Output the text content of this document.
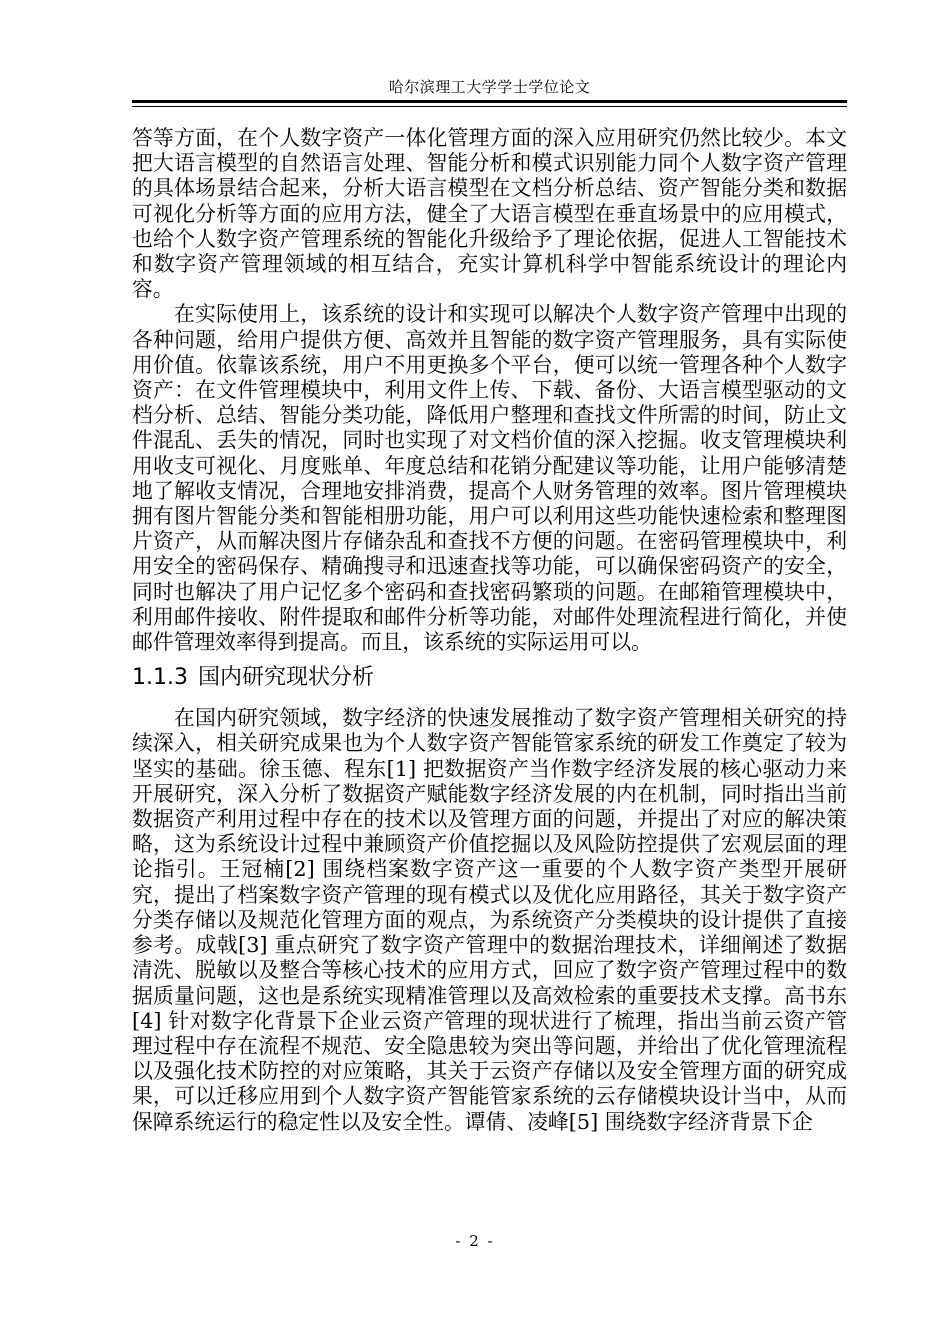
哈尔滨理工大学学士学位论文

答等方面，在个人数字资产一体化管理方面的深入应用研究仍然比较少。本文把大语言模型的自然语言处理、智能分析和模式识别能力同个人数字资产管理的具体场景结合起来，分析大语言模型在文档分析总结、资产智能分类和数据可视化分析等方面的应用方法，健全了大语言模型在垂直场景中的应用模式，也给个人数字资产管理系统的智能化升级给予了理论依据，促进人工智能技术和数字资产管理领域的相互结合，充实计算机科学中智能系统设计的理论内容。

在实际使用上，该系统的设计和实现可以解决个人数字资产管理中出现的各种问题，给用户提供方便、高效并且智能的数字资产管理服务，具有实际使用价值。依靠该系统，用户不用更换多个平台，便可以统一管理各种个人数字资产：在文件管理模块中，利用文件上传、下载、备份、大语言模型驱动的文档分析、总结、智能分类功能，降低用户整理和查找文件所需的时间，防止文件混乱、丢失的情况，同时也实现了对文档价值的深入挖掘。收支管理模块利用收支可视化、月度账单、年度总结和花销分配建议等功能，让用户能够清楚地了解收支情况，合理地安排消费，提高个人财务管理的效率。图片管理模块拥有图片智能分类和智能相册功能，用户可以利用这些功能快速检索和整理图片资产，从而解决图片存储杂乱和查找不方便的问题。在密码管理模块中，利用安全的密码保存、精确搜寻和迅速查找等功能，可以确保密码资产的安全，同时也解决了用户记忆多个密码和查找密码繁琐的问题。在邮箱管理模块中，利用邮件接收、附件提取和邮件分析等功能，对邮件处理流程进行简化，并使邮件管理效率得到提高。而且，该系统的实际运用可以。

1.1.3 国内研究现状分析

在国内研究领域，数字经济的快速发展推动了数字资产管理相关研究的持续深入，相关研究成果也为个人数字资产智能管家系统的研发工作奠定了较为坚实的基础。徐玉德、程东[1] 把数据资产当作数字经济发展的核心驱动力来开展研究，深入分析了数据资产赋能数字经济发展的内在机制，同时指出当前数据资产利用过程中存在的技术以及管理方面的问题，并提出了对应的解决策略，这为系统设计过程中兼顾资产价值挖掘以及风险防控提供了宏观层面的理论指引。王冠楠[2] 围绕档案数字资产这一重要的个人数字资产类型开展研究，提出了档案数字资产管理的现有模式以及优化应用路径，其关于数字资产分类存储以及规范化管理方面的观点，为系统资产分类模块的设计提供了直接参考。成戟[3] 重点研究了数字资产管理中的数据治理技术，详细阐述了数据清洗、脱敏以及整合等核心技术的应用方式，回应了数字资产管理过程中的数据质量问题，这也是系统实现精准管理以及高效检索的重要技术支撑。高书东[4] 针对数字化背景下企业云资产管理的现状进行了梳理，指出当前云资产管理过程中存在流程不规范、安全隐患较为突出等问题，并给出了优化管理流程以及强化技术防控的对应策略，其关于云资产存储以及安全管理方面的研究成果，可以迁移应用到个人数字资产智能管家系统的云存储模块设计当中，从而保障系统运行的稳定性以及安全性。谭倩、凌峰[5] 围绕数字经济背景下企

- 2 -
